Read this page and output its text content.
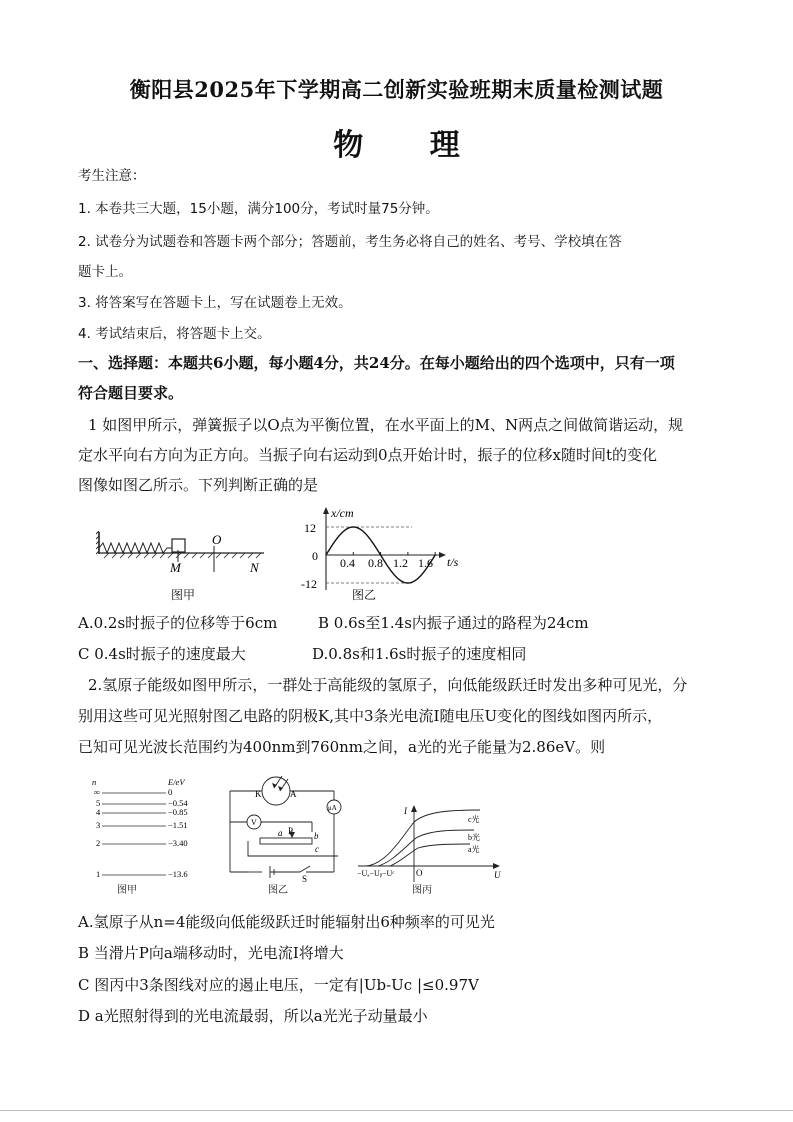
衡阳县2025年下学期高二创新实验班期末质量检测试题
物 理
考生注意：
1. 本卷共三大题，15小题，满分100分，考试时量75分钟。
2. 试卷分为试题卷和答题卡两个部分；答题前，考生务必将自己的姓名、考号、学校填在答
题卡上。
3. 将答案写在答题卡上，写在试题卷上无效。
4. 考试结束后，将答题卡上交。
一、选择题：本题共6小题，每小题4分，共24分。在每小题给出的四个选项中，只有一项
符合题目要求。
1 如图甲所示，弹簧振子以O点为平衡位置，在水平面上的M、N两点之间做简谐运动，规
定水平向右方向为正方向。当振子向右运动到0点开始计时，振子的位移x随时间t的变化
图像如图乙所示。下列判断正确的是
O
M	N
图甲
x/cm
t/s
12
0
-12
0.4 0.8 1.2 1.6
图乙
A.0.2s时振子的位移等于6cm	B 0.6s至1.4s内振子通过的路程为24cm
C 0.4s时振子的速度最大	D.0.8s和1.6s时振子的速度相同
2.氢原子能级如图甲所示，一群处于高能级的氢原子，向低能级跃迁时发出多种可见光，分
别用这些可见光照射图乙电路的阴极K,其中3条光电流I随电压U变化的图线如图丙所示，
已知可见光波长范围约为400nm到760nm之间，a光的光子能量为2.86eV。则
n	E/eV
∞	0
5	−0.54
4	−0.85
3	−1.51
2	−3.40
1	−13.6
图甲
K	A
μA
V
P
a	b
c
S
图乙
I
U
O
−Uₐ−Uᵦ−Uᶜ
c光
b光
a光
图丙
A.氢原子从n=4能级向低能级跃迁时能辐射出6种频率的可见光
B 当滑片P向a端移动时，光电流I将增大
C 图丙中3条图线对应的遏止电压，一定有|Ub-Uc |≤0.97V
D a光照射得到的光电流最弱，所以a光光子动量最小
